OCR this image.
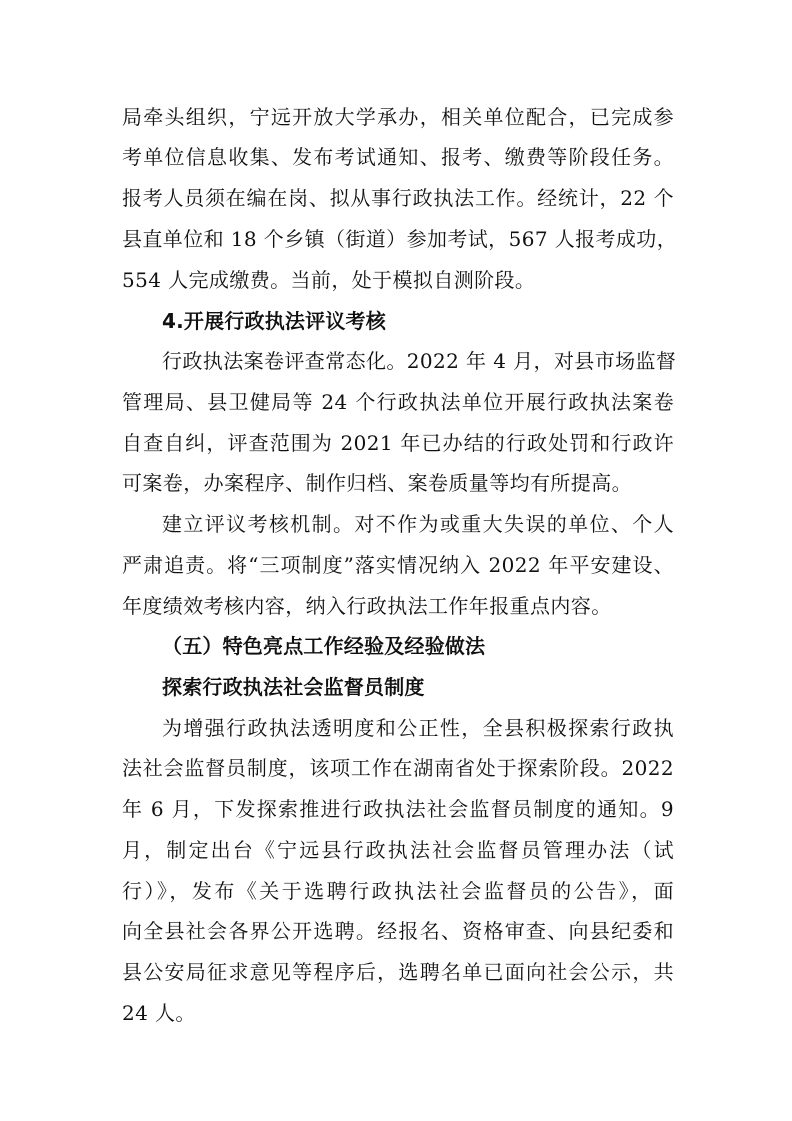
局牵头组织，宁远开放大学承办，相关单位配合，已完成参
考单位信息收集、发布考试通知、报考、缴费等阶段任务。
报考人员须在编在岗、拟从事行政执法工作。经统计，22 个
县直单位和 18 个乡镇（街道）参加考试，567 人报考成功，
554 人完成缴费。当前，处于模拟自测阶段。
4.开展行政执法评议考核
行政执法案卷评查常态化。2022 年 4 月，对县市场监督
管理局、县卫健局等 24 个行政执法单位开展行政执法案卷
自查自纠，评查范围为 2021 年已办结的行政处罚和行政许
可案卷，办案程序、制作归档、案卷质量等均有所提高。
建立评议考核机制。对不作为或重大失误的单位、个人
严肃追责。将“三项制度”落实情况纳入 2022 年平安建设、
年度绩效考核内容，纳入行政执法工作年报重点内容。
（五）特色亮点工作经验及经验做法
探索行政执法社会监督员制度
为增强行政执法透明度和公正性，全县积极探索行政执
法社会监督员制度，该项工作在湖南省处于探索阶段。2022
年 6 月，下发探索推进行政执法社会监督员制度的通知。9
月，制定出台《宁远县行政执法社会监督员管理办法（试
行）》，发布《关于选聘行政执法社会监督员的公告》，面
向全县社会各界公开选聘。经报名、资格审查、向县纪委和
县公安局征求意见等程序后，选聘名单已面向社会公示，共
24 人。
